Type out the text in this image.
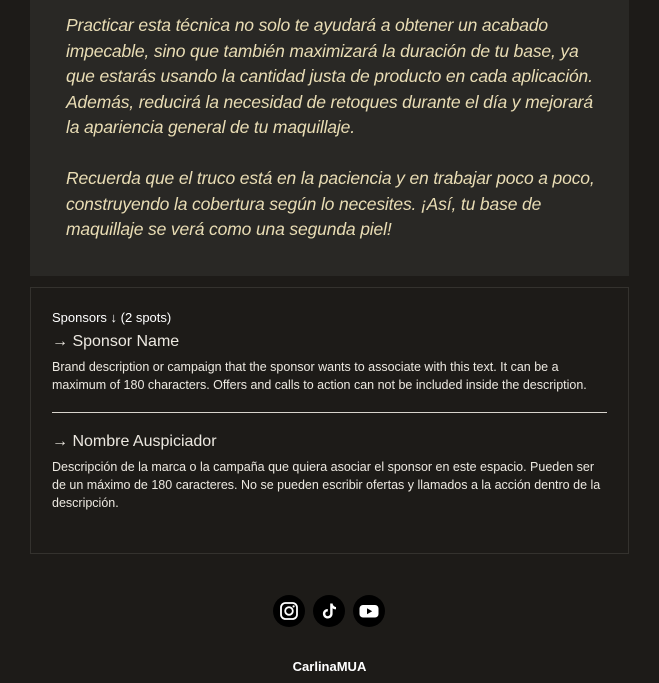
Practicar esta técnica no solo te ayudará a obtener un acabado impecable, sino que también maximizará la duración de tu base, ya que estarás usando la cantidad justa de producto en cada aplicación. Además, reducirá la necesidad de retoques durante el día y mejorará la apariencia general de tu maquillaje.

Recuerda que el truco está en la paciencia y en trabajar poco a poco, construyendo la cobertura según lo necesites. ¡Así, tu base de maquillaje se verá como una segunda piel!

Sponsors ↓ (2 spots)
→ Sponsor Name

Brand description or campaign that the sponsor wants to associate with this text. It can be a maximum of 180 characters. Offers and calls to action can not be included inside the description.

→ Nombre Auspiciador

Descripción de la marca o la campaña que quiera asociar el sponsor en este espacio. Pueden ser de un máximo de 180 caracteres. No se pueden escribir ofertas y llamados a la acción dentro de la descripción.

CarlinaMUA
